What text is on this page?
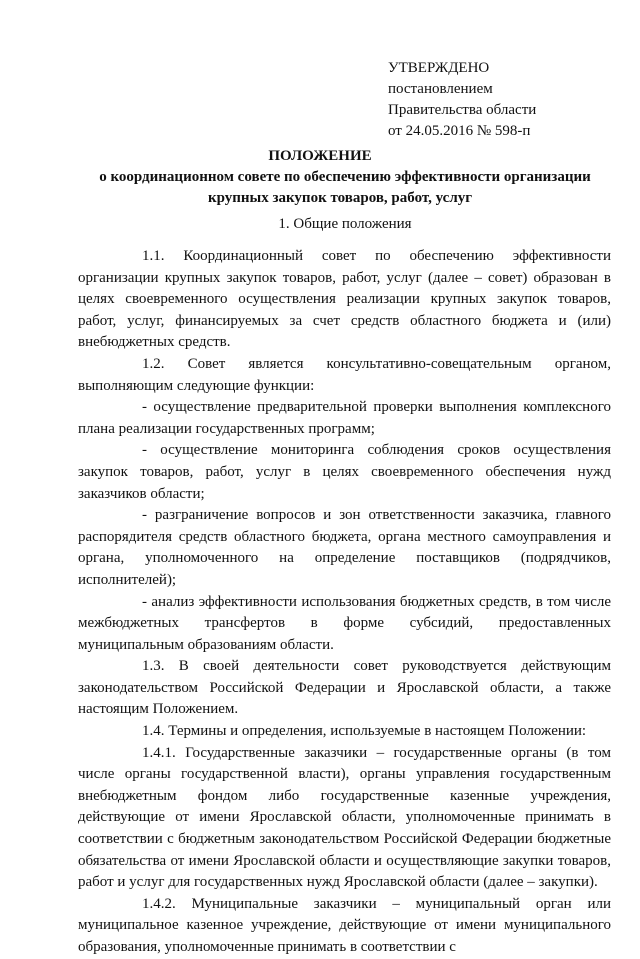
УТВЕРЖДЕНО
постановлением
Правительства области
от 24.05.2016 № 598-п
ПОЛОЖЕНИЕ
о координационном совете по обеспечению эффективности организации
крупных закупок товаров, работ, услуг
1. Общие положения

1.1. Координационный совет по обеспечению эффективности организации крупных закупок товаров, работ, услуг (далее – совет) образован в целях своевременного осуществления реализации крупных закупок товаров, работ, услуг, финансируемых за счет средств областного бюджета и (или) внебюджетных средств.

1.2. Совет является консультативно-совещательным органом, выполняющим следующие функции:

- осуществление предварительной проверки выполнения комплексного плана реализации государственных программ;

- осуществление мониторинга соблюдения сроков осуществления закупок товаров, работ, услуг в целях своевременного обеспечения нужд заказчиков области;

- разграничение вопросов и зон ответственности заказчика, главного распорядителя средств областного бюджета, органа местного самоуправления и органа, уполномоченного на определение поставщиков (подрядчиков, исполнителей);

- анализ эффективности использования бюджетных средств, в том числе межбюджетных трансфертов в форме субсидий, предоставленных муниципальным образованиям области.

1.3. В своей деятельности совет руководствуется действующим законодательством Российской Федерации и Ярославской области, а также настоящим Положением.

1.4. Термины и определения, используемые в настоящем Положении:

1.4.1. Государственные заказчики – государственные органы (в том числе органы государственной власти), органы управления государственным внебюджетным фондом либо государственные казенные учреждения, действующие от имени Ярославской области, уполномоченные принимать в соответствии с бюджетным законодательством Российской Федерации бюджетные обязательства от имени Ярославской области и осуществляющие закупки товаров, работ и услуг для государственных нужд Ярославской области (далее – закупки).

1.4.2. Муниципальные заказчики – муниципальный орган или муниципальное казенное учреждение, действующие от имени муниципального образования, уполномоченные принимать в соответствии с
